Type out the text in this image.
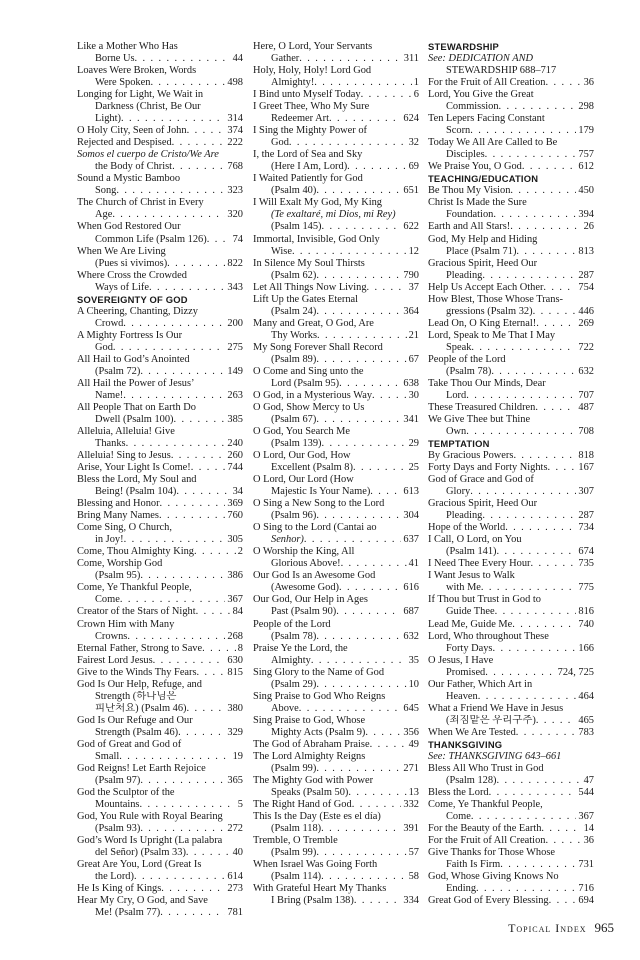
Like a Mother Who Has
Borne Us . . .	44
Loaves Were Broken, Words
Were Spoken . . .	498
Longing for Light, We Wait in
Darkness (Christ, Be Our
Light) . . .	314
O Holy City, Seen of John . . .	374
Rejected and Despised . . .	222
Somos el cuerpo de Cristo/We Are
the Body of Christ . . .	768
Sound a Mystic Bamboo
Song . . .	323
The Church of Christ in Every
Age . . .	320
When God Restored Our
Common Life (Psalm 126) . . . 74
When We Are Living
(Pues si vivimos) . . .	822
Where Cross the Crowded
Ways of Life . . .	343
SOVEREIGNTY OF GOD
A Cheering, Chanting, Dizzy
Crowd . . .	200
A Mighty Fortress Is Our
God . . .	275
All Hail to God’s Anointed
(Psalm 72) . . .	149
All Hail the Power of Jesus’
Name! . . .	263
All People That on Earth Do
Dwell (Psalm 100) . . .	385
Alleluia, Alleluia! Give
Thanks . . .	240
Alleluia! Sing to Jesus . . .	260
Arise, Your Light Is Come! . . .	744
Bless the Lord, My Soul and
Being! (Psalm 104) . . .	34
Blessing and Honor . . .	369
Bring Many Names . . .	760
Come Sing, O Church,
in Joy! . . .	305
Come, Thou Almighty King . . .	2
Come, Worship God
(Psalm 95) . . .	386
Come, Ye Thankful People,
Come . . .	367
Creator of the Stars of Night . . .	84
Crown Him with Many
Crowns . . .	268
Eternal Father, Strong to Save . . .	8
Fairest Lord Jesus . . .	630
Give to the Winds Thy Fears . . .	815
God Is Our Help, Refuge, and
Strength (하나님은
피난처요) (Psalm 46) . . .	380
God Is Our Refuge and Our
Strength (Psalm 46) . . .	329
God of Great and God of
Small . . .	19
God Reigns! Let Earth Rejoice
(Psalm 97) . . .	365
God the Sculptor of the
Mountains . . .	5
God, You Rule with Royal Bearing
(Psalm 93) . . .	272
God’s Word Is Upright (La palabra
del Señor) (Psalm 33) . . .	40
Great Are You, Lord (Great Is
the Lord) . . .	614
He Is King of Kings . . .	273
Hear My Cry, O God, and Save
Me! (Psalm 77) . . .	781
Here, O Lord, Your Servants
Gather . . .	311
Holy, Holy, Holy! Lord God
Almighty! . . .	1
I Bind unto Myself Today . . .	6
I Greet Thee, Who My Sure
Redeemer Art . . .	624
I Sing the Mighty Power of
God . . .	32
I, the Lord of Sea and Sky
(Here I Am, Lord) . . .	69
I Waited Patiently for God
(Psalm 40) . . .	651
I Will Exalt My God, My King
(Te exaltaré, mi Dios, mi Rey)
(Psalm 145) . . .	622
Immortal, Invisible, God Only
Wise . . .	12
In Silence My Soul Thirsts
(Psalm 62) . . .	790
Let All Things Now Living . . .	37
Lift Up the Gates Eternal
(Psalm 24) . . .	364
Many and Great, O God, Are
Thy Works . . .	21
My Song Forever Shall Record
(Psalm 89) . . .	67
O Come and Sing unto the
Lord (Psalm 95) . . .	638
O God, in a Mysterious Way . . .	30
O God, Show Mercy to Us
(Psalm 67) . . .	341
O God, You Search Me
(Psalm 139) . . .	29
O Lord, Our God, How
Excellent (Psalm 8) . . .	25
O Lord, Our Lord (How
Majestic Is Your Name) . . .	613
O Sing a New Song to the Lord
(Psalm 96) . . .	304
O Sing to the Lord (Cantai ao
Senhor) . . .	637
O Worship the King, All
Glorious Above! . . .	41
Our God Is an Awesome God
(Awesome God) . . .	616
Our God, Our Help in Ages
Past (Psalm 90) . . .	687
People of the Lord
(Psalm 78) . . .	632
Praise Ye the Lord, the
Almighty . . .	35
Sing Glory to the Name of God
(Psalm 29) . . .	10
Sing Praise to God Who Reigns
Above . . .	645
Sing Praise to God, Whose
Mighty Acts (Psalm 9) . . .	356
The God of Abraham Praise . . .	49
The Lord Almighty Reigns
(Psalm 99) . . .	271
The Mighty God with Power
Speaks (Psalm 50) . . .	13
The Right Hand of God . . .	332
This Is the Day (Este es el día)
(Psalm 118) . . .	391
Tremble, O Tremble
(Psalm 99) . . .	57
When Israel Was Going Forth
(Psalm 114) . . .	58
With Grateful Heart My Thanks
I Bring (Psalm 138) . . .	334
STEWARDSHIP
See: DEDICATION AND
STEWARDSHIP 688–717
For the Fruit of All Creation . . .	36
Lord, You Give the Great
Commission . . .	298
Ten Lepers Facing Constant
Scorn . . .	179
Today We All Are Called to Be
Disciples . . .	757
We Praise You, O God . . .	612
TEACHING/EDUCATION
Be Thou My Vision . . .	450
Christ Is Made the Sure
Foundation . . .	394
Earth and All Stars! . . .	26
God, My Help and Hiding
Place (Psalm 71) . . .	813
Gracious Spirit, Heed Our
Pleading . . .	287
Help Us Accept Each Other . . .	754
How Blest, Those Whose Trans-
gressions (Psalm 32) . . .	446
Lead On, O King Eternal! . . .	269
Lord, Speak to Me That I May
Speak . . .	722
People of the Lord
(Psalm 78) . . .	632
Take Thou Our Minds, Dear
Lord . . .	707
These Treasured Children . . .	487
We Give Thee but Thine
Own . . .	708
TEMPTATION
By Gracious Powers . . .	818
Forty Days and Forty Nights . . .	167
God of Grace and God of
Glory . . .	307
Gracious Spirit, Heed Our
Pleading . . .	287
Hope of the World . . .	734
I Call, O Lord, on You
(Psalm 141) . . .	674
I Need Thee Every Hour . . .	735
I Want Jesus to Walk
with Me . . .	775
If Thou but Trust in God to
Guide Thee . . .	816
Lead Me, Guide Me . . .	740
Lord, Who throughout These
Forty Days . . .	166
O Jesus, I Have
Promised . . .	724, 725
Our Father, Which Art in
Heaven . . .	464
What a Friend We Have in Jesus
(죄짐맡은 우리구주) . . .	465
When We Are Tested . . .	783
THANKSGIVING
See: THANKSGIVING 643–661
Bless All Who Trust in God
(Psalm 128) . . .	47
Bless the Lord . . .	544
Come, Ye Thankful People,
Come . . .	367
For the Beauty of the Earth . . .	14
For the Fruit of All Creation . . .	36
Give Thanks for Those Whose
Faith Is Firm . . .	731
God, Whose Giving Knows No
Ending . . .	716
Great God of Every Blessing . . .	694
Topical Index 965
